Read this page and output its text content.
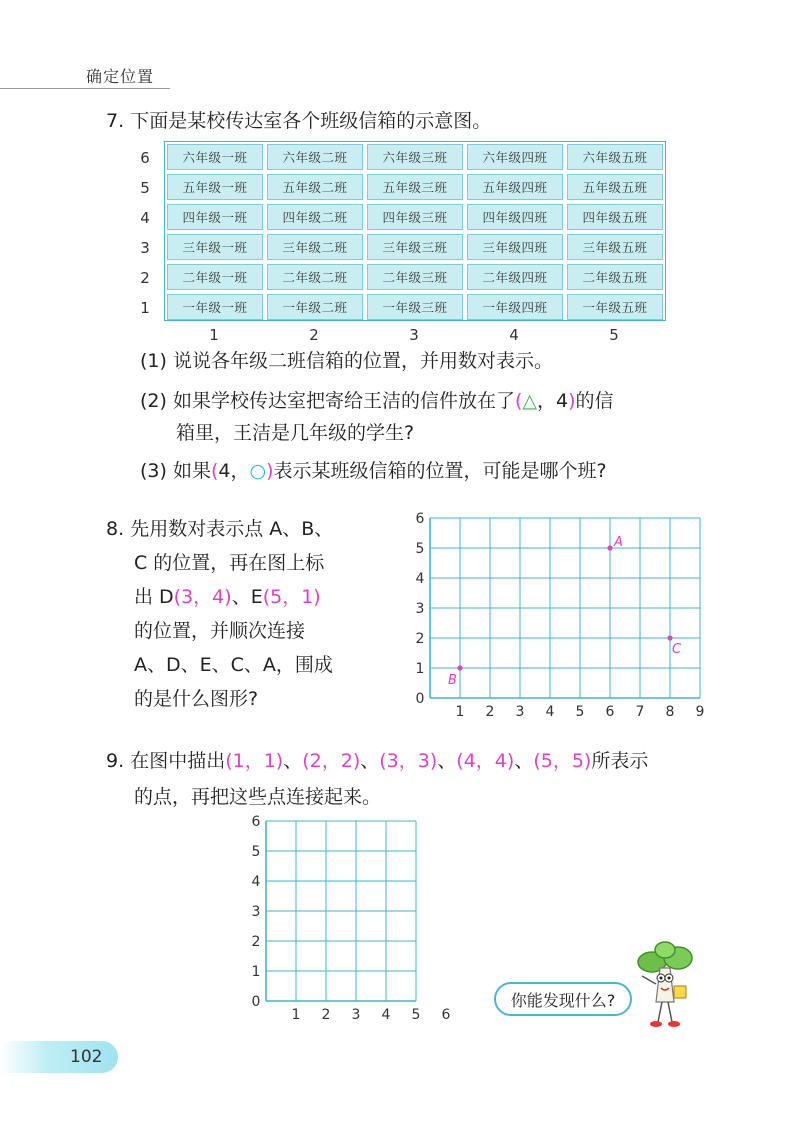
确定位置
7. 下面是某校传达室各个班级信箱的示意图。
6
5
4
3
2
1
六年级一班	六年级二班	六年级三班	六年级四班	六年级五班
五年级一班	五年级二班	五年级三班	五年级四班	五年级五班
四年级一班	四年级二班	四年级三班	四年级四班	四年级五班
三年级一班	三年级二班	三年级三班	三年级四班	三年级五班
二年级一班	二年级二班	二年级三班	二年级四班	二年级五班
一年级一班	一年级二班	一年级三班	一年级四班	一年级五班
1	2	3	4	5
(1) 说说各年级二班信箱的位置，并用数对表示。
(2) 如果学校传达室把寄给王洁的信件放在了(△，4)的信
箱里，王洁是几年级的学生?
(3) 如果(4，○)表示某班级信箱的位置，可能是哪个班?
8. 先用数对表示点 A、B、
C 的位置，再在图上标
出 D(3，4)、E(5，1)
的位置，并顺次连接
A、D、E、C、A，围成
的是什么图形?
1 2 3 4 5 6 7 8 9
0
1
2
3
4
5
6
A
B
C
9. 在图中描出(1，1)、(2，2)、(3，3)、(4，4)、(5，5)所表示
的点，再把这些点连接起来。
1 2 3 4 5 6
0
1
2
3
4
5
6
你能发现什么?
102
